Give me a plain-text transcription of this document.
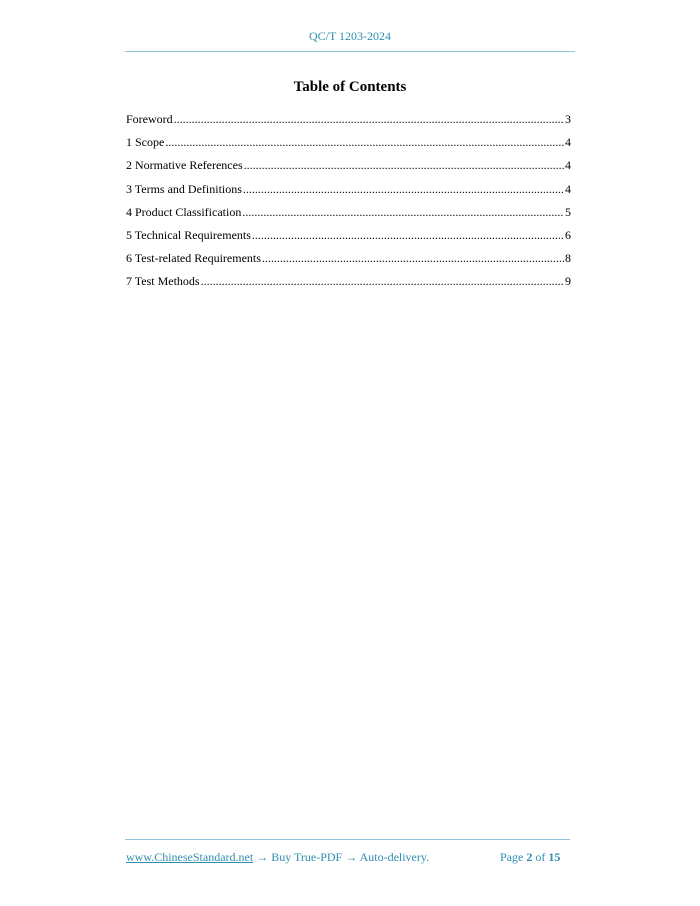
QC/T 1203-2024
Table of Contents
Foreword .....	3
1 Scope .....	4
2 Normative References .....	4
3 Terms and Definitions .....	4
4 Product Classification .....	5
5 Technical Requirements .....	6
6 Test-related Requirements .....	8
7 Test Methods .....	9
www.ChineseStandard.net → Buy True-PDF → Auto-delivery.	Page 2 of 15
